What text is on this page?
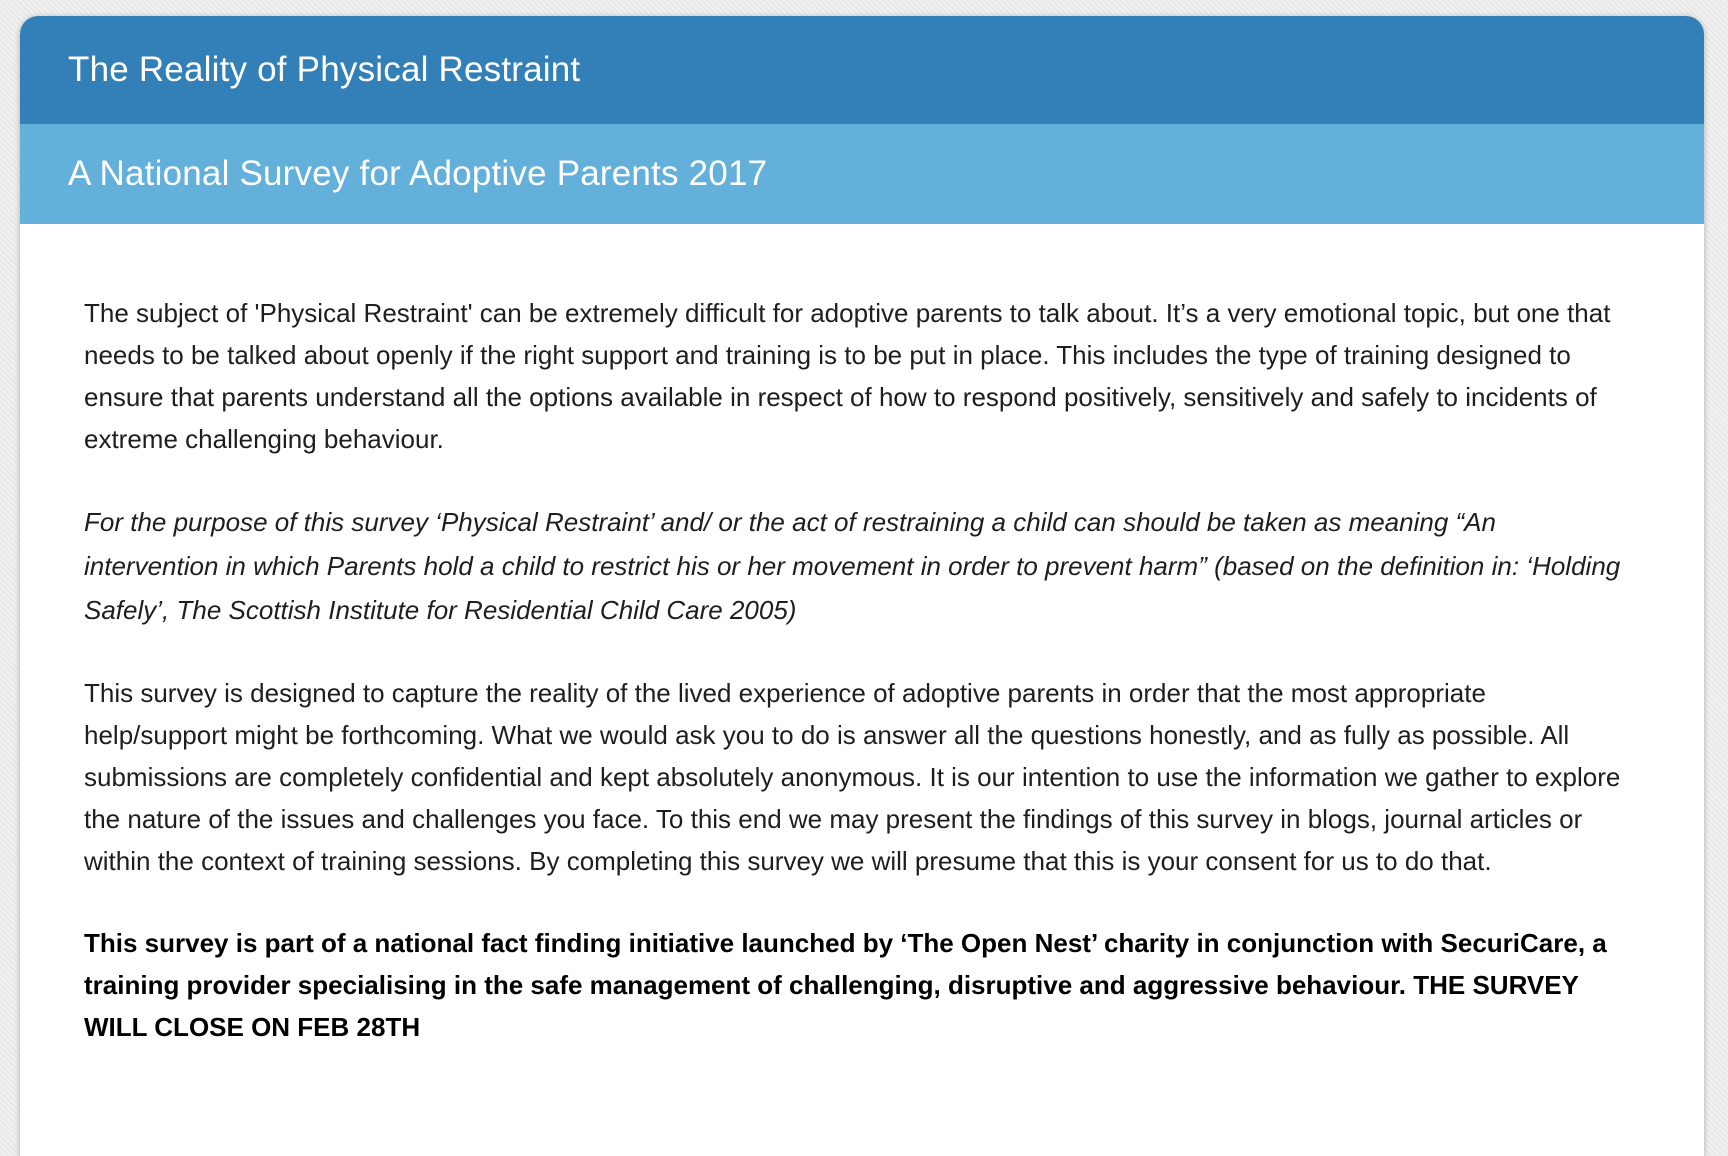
The Reality of Physical Restraint
A National Survey for Adoptive Parents 2017

The subject of 'Physical Restraint' can be extremely difficult for adoptive parents to talk about. It’s a very emotional topic, but one that needs to be talked about openly if the right support and training is to be put in place. This includes the type of training designed to ensure that parents understand all the options available in respect of how to respond positively, sensitively and safely to incidents of extreme challenging behaviour.

For the purpose of this survey ‘Physical Restraint’ and/ or the act of restraining a child can should be taken as meaning “An intervention in which Parents hold a child to restrict his or her movement in order to prevent harm” (based on the definition in: ‘Holding Safely’, The Scottish Institute for Residential Child Care 2005)

This survey is designed to capture the reality of the lived experience of adoptive parents in order that the most appropriate help/support might be forthcoming. What we would ask you to do is answer all the questions honestly, and as fully as possible. All submissions are completely confidential and kept absolutely anonymous. It is our intention to use the information we gather to explore the nature of the issues and challenges you face. To this end we may present the findings of this survey in blogs, journal articles or within the context of training sessions. By completing this survey we will presume that this is your consent for us to do that.

This survey is part of a national fact finding initiative launched by ‘The Open Nest’ charity in conjunction with SecuriCare, a training provider specialising in the safe management of challenging, disruptive and aggressive behaviour. THE SURVEY WILL CLOSE ON FEB 28TH
